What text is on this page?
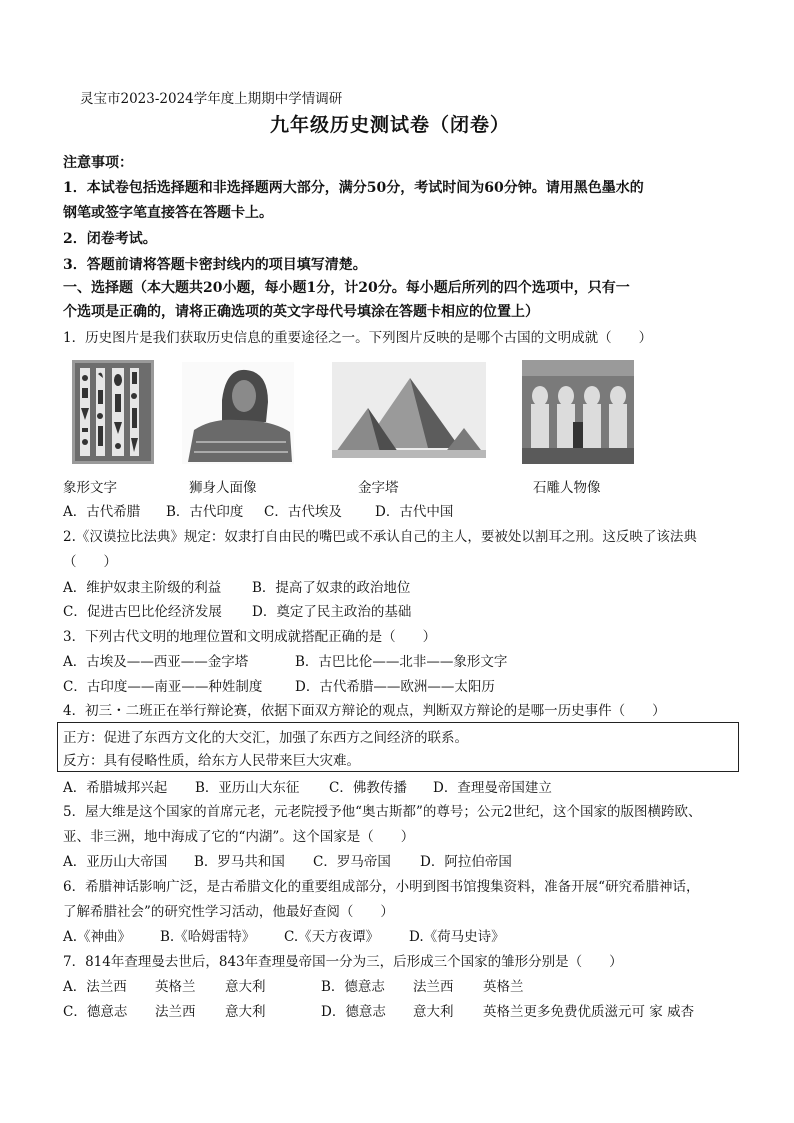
灵宝市2023-2024学年度上期期中学情调研
九年级历史测试卷（闭卷）
注意事项：
1．本试卷包括选择题和非选择题两大部分，满分50分，考试时间为60分钟。请用黑色墨水的
钢笔或签字笔直接答在答题卡上。
2．闭卷考试。
3．答题前请将答题卡密封线内的项目填写清楚。
一、选择题（本大题共20小题，每小题1分，计20分。每小题后所列的四个选项中，只有一
个选项是正确的，请将正确选项的英文字母代号填涂在答题卡相应的位置上）
1．历史图片是我们获取历史信息的重要途径之一。下列图片反映的是哪个古国的文明成就（　　）
象形文字	狮身人面像	金字塔	石雕人物像
A．古代希腊 B．古代印度 C．古代埃及 D．古代中国
2.《汉谟拉比法典》规定：奴隶打自由民的嘴巴或不承认自己的主人，要被处以割耳之刑。这反映了该法典
（　　）
A．维护奴隶主阶级的利益 B．提高了奴隶的政治地位
C．促进古巴比伦经济发展 D．奠定了民主政治的基础
3．下列古代文明的地理位置和文明成就搭配正确的是（　　）
A．古埃及——西亚——金字塔	B．古巴比伦——北非——象形文字
C．古印度——南亚——种姓制度 D．古代希腊——欧洲——太阳历
4．初三・二班正在举行辩论赛，依据下面双方辩论的观点，判断双方辩论的是哪一历史事件（　　）
正方：促进了东西方文化的大交汇，加强了东西方之间经济的联系。
反方：具有侵略性质，给东方人民带来巨大灾难。
A．希腊城邦兴起 B．亚历山大东征 C．佛教传播 D．查理曼帝国建立
5．屋大维是这个国家的首席元老，元老院授予他“奥古斯都”的尊号；公元2世纪，这个国家的版图横跨欧、
亚、非三洲，地中海成了它的“内湖”。这个国家是（　　）
A．亚历山大帝国 B．罗马共和国 C．罗马帝国 D．阿拉伯帝国
6．希腊神话影响广泛，是古希腊文化的重要组成部分，小明到图书馆搜集资料，准备开展“研究希腊神话，
了解希腊社会”的研究性学习活动，他最好查阅（　　）
A.《神曲》 B.《哈姆雷特》 C.《天方夜谭》 D.《荷马史诗》
7．814年查理曼去世后，843年查理曼帝国一分为三，后形成三个国家的雏形分别是（　　）
A．法兰西 英格兰 意大利	B．德意志 法兰西 英格兰
C．德意志 法兰西 意大利	D．德意志 意大利 英格兰更多免费优质滋元可 家 威杏
